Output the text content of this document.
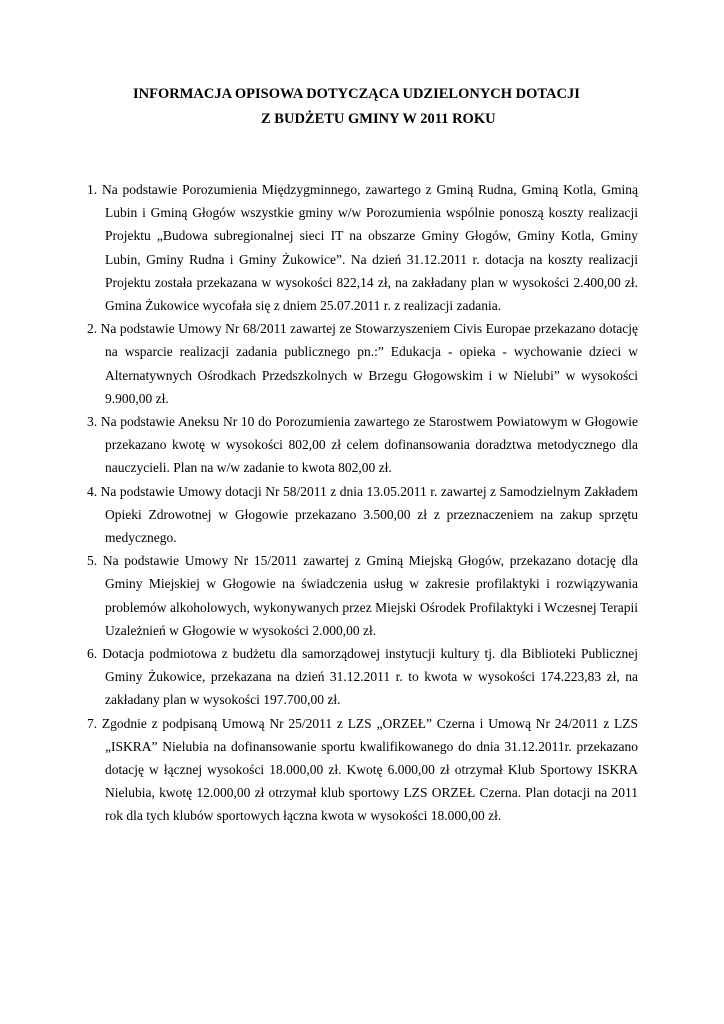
INFORMACJA OPISOWA DOTYCZĄCA UDZIELONYCH DOTACJI
Z BUDŻETU GMINY W 2011 ROKU
1. Na podstawie Porozumienia Międzygminnego, zawartego z Gminą Rudna, Gminą Kotla, Gminą Lubin i Gminą Głogów wszystkie gminy w/w Porozumienia wspólnie ponoszą koszty realizacji Projektu „Budowa subregionalnej sieci IT na obszarze Gminy Głogów, Gminy Kotla, Gminy Lubin, Gminy Rudna i Gminy Żukowice”. Na dzień 31.12.2011 r. dotacja na koszty realizacji Projektu została przekazana w wysokości 822,14 zł, na zakładany plan w wysokości 2.400,00 zł. Gmina Żukowice wycofała się z dniem 25.07.2011 r. z realizacji zadania.
2. Na podstawie Umowy Nr 68/2011 zawartej ze Stowarzyszeniem Civis Europae przekazano dotację na wsparcie realizacji zadania publicznego pn.:” Edukacja - opieka - wychowanie dzieci w Alternatywnych Ośrodkach Przedszkolnych w Brzegu Głogowskim i w Nielubi” w wysokości 9.900,00 zł.
3. Na podstawie Aneksu Nr 10 do Porozumienia zawartego ze Starostwem Powiatowym w Głogowie przekazano kwotę w wysokości 802,00 zł celem dofinansowania doradztwa metodycznego dla nauczycieli. Plan na w/w zadanie to kwota 802,00 zł.
4. Na podstawie Umowy dotacji Nr 58/2011 z dnia 13.05.2011 r. zawartej z Samodzielnym Zakładem Opieki Zdrowotnej w Głogowie przekazano 3.500,00 zł z przeznaczeniem na zakup sprzętu medycznego.
5. Na podstawie Umowy Nr 15/2011 zawartej z Gminą Miejską Głogów, przekazano dotację dla Gminy Miejskiej w Głogowie na świadczenia usług w zakresie profilaktyki i rozwiązywania problemów alkoholowych, wykonywanych przez Miejski Ośrodek Profilaktyki i Wczesnej Terapii Uzależnień w Głogowie w wysokości 2.000,00 zł.
6. Dotacja podmiotowa z budżetu dla samorządowej instytucji kultury tj. dla Biblioteki Publicznej Gminy Żukowice, przekazana na dzień 31.12.2011 r. to kwota w wysokości 174.223,83 zł, na zakładany plan w wysokości 197.700,00 zł.
7. Zgodnie z podpisaną Umową Nr 25/2011 z LZS „ORZEŁ” Czerna i Umową Nr 24/2011 z LZS „ISKRA” Nielubia na dofinansowanie sportu kwalifikowanego do dnia 31.12.2011r. przekazano dotację w łącznej wysokości 18.000,00 zł. Kwotę 6.000,00 zł otrzymał Klub Sportowy ISKRA Nielubia, kwotę 12.000,00 zł otrzymał klub sportowy LZS ORZEŁ Czerna. Plan dotacji na 2011 rok dla tych klubów sportowych łączna kwota w wysokości 18.000,00 zł.
